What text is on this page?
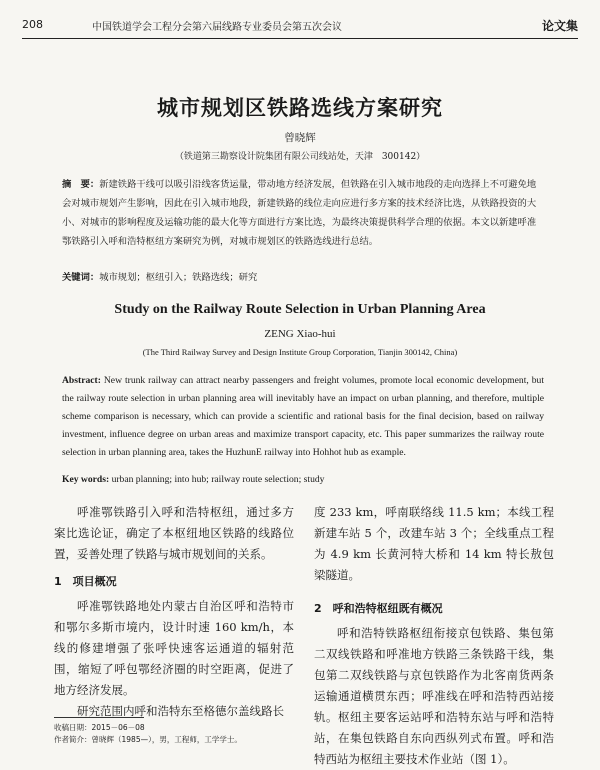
208	中国铁道学会工程分会第六届线路专业委员会第五次会议	论文集
城市规划区铁路选线方案研究
曾晓辉
（铁道第三勘察设计院集团有限公司线站处，天津　300142）
摘　要：新建铁路干线可以吸引沿线客货运量，带动地方经济发展，但铁路在引入城市地段的走向选择上不可避免地会对城市规划产生影响，因此在引入城市地段，新建铁路的线位走向应进行多方案的技术经济比选，从铁路投资的大小、对城市的影响程度及运输功能的最大化等方面进行方案比选，为最终决策提供科学合理的依据。本文以新建呼准鄂铁路引入呼和浩特枢纽方案研究为例，对城市规划区的铁路选线进行总结。
关键词：城市规划；枢纽引入；铁路选线；研究
Study on the Railway Route Selection in Urban Planning Area
ZENG Xiao-hui
(The Third Railway Survey and Design Institute Group Corporation, Tianjin 300142, China)
Abstract: New trunk railway can attract nearby passengers and freight volumes, promote local economic development, but the railway route selection in urban planning area will inevitably have an impact on urban planning, and therefore, multiple scheme comparison is necessary, which can provide a scientific and rational basis for the final decision, based on railway investment, influence degree on urban areas and maximize transport capacity, etc. This paper summarizes the railway route selection in urban planning area, takes the HuzhunE railway into Hohhot hub as example.
Key words: urban planning; into hub; railway route selection; study

呼准鄂铁路引入呼和浩特枢纽，通过多方案比选论证，确定了本枢纽地区铁路的线路位置，妥善处理了铁路与城市规划间的关系。

1　项目概况

呼准鄂铁路地处内蒙古自治区呼和浩特市和鄂尔多斯市境内，设计时速 160 km/h，本线的修建增强了张呼快速客运通道的辐射范围，缩短了呼包鄂经济圈的时空距离，促进了地方经济发展。

研究范围内呼和浩特东至格德尔盖线路长

度 233 km，呼南联络线 11.5 km；本线工程新建车站 5 个，改建车站 3 个；全线重点工程为 4.9 km 长黄河特大桥和 14 km 特长敖包梁隧道。

2　呼和浩特枢纽既有概况

呼和浩特铁路枢纽衔接京包铁路、集包第二双线铁路和呼准地方铁路三条铁路干线，集包第二双线铁路与京包铁路作为北客南货两条运输通道横贯东西；呼准线在呼和浩特西站接轨。枢纽主要客运站呼和浩特东站与呼和浩特站，在集包铁路自东向西纵列式布置。呼和浩特西站为枢纽主要技术作业站（图 1）。

收稿日期：2015－06－08
作者简介：曾晓辉（1985—），男，工程师，工学学士。
